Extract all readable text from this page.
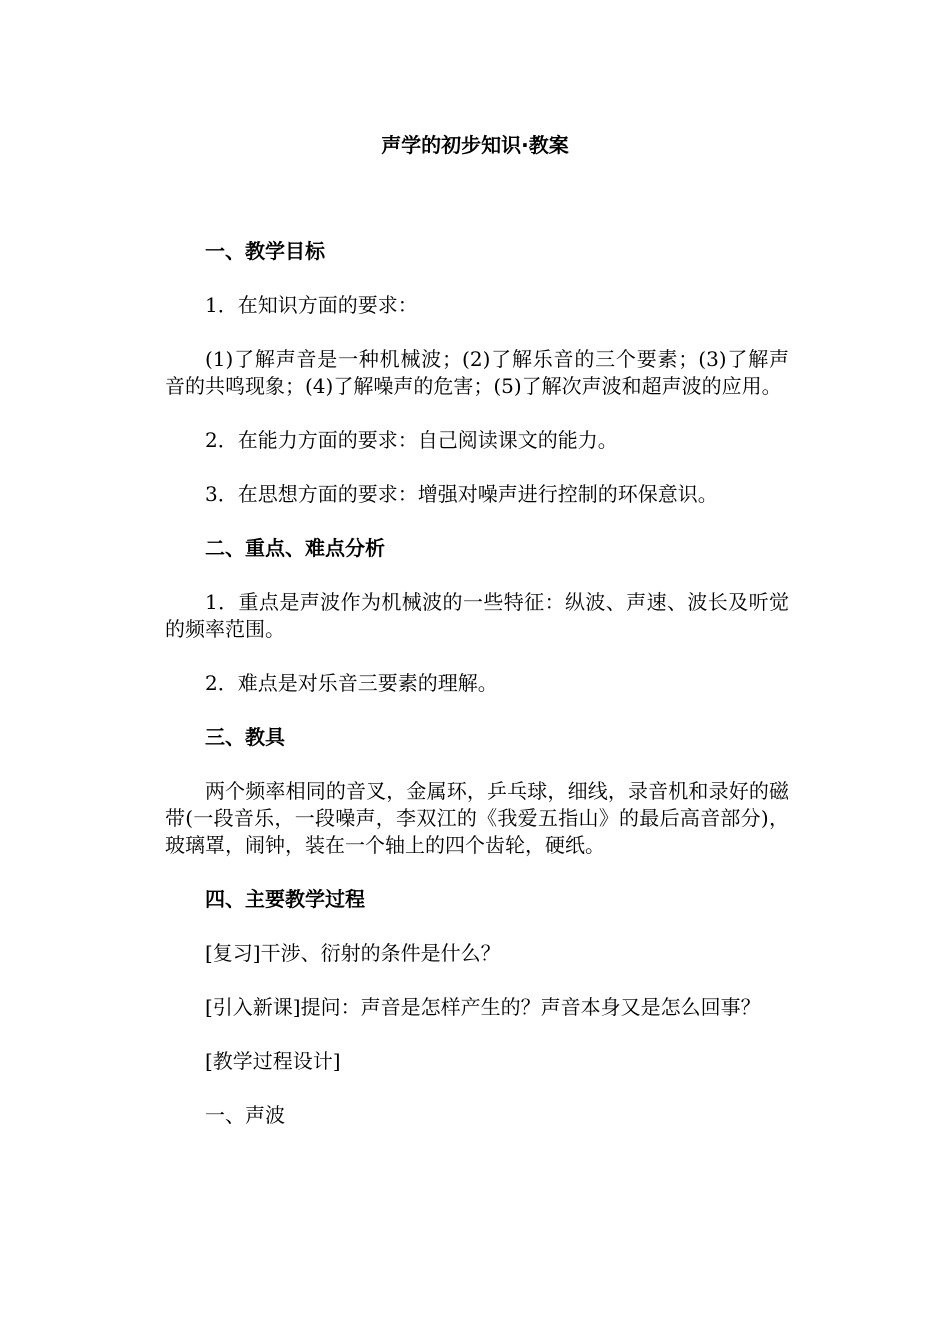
声学的初步知识·教案

一、教学目标

1．在知识方面的要求：

(1)了解声音是一种机械波；(2)了解乐音的三个要素；(3)了解声音的共鸣现象；(4)了解噪声的危害；(5)了解次声波和超声波的应用。

2．在能力方面的要求：自己阅读课文的能力。

3．在思想方面的要求：增强对噪声进行控制的环保意识。

二、重点、难点分析

1．重点是声波作为机械波的一些特征：纵波、声速、波长及听觉的频率范围。

2．难点是对乐音三要素的理解。

三、教具

两个频率相同的音叉，金属环，乒乓球，细线，录音机和录好的磁带(一段音乐，一段噪声，李双江的《我爱五指山》的最后高音部分)，玻璃罩，闹钟，装在一个轴上的四个齿轮，硬纸。

四、主要教学过程

[复习]干涉、衍射的条件是什么？

[引入新课]提问：声音是怎样产生的？声音本身又是怎么回事？

[教学过程设计]

一、声波
